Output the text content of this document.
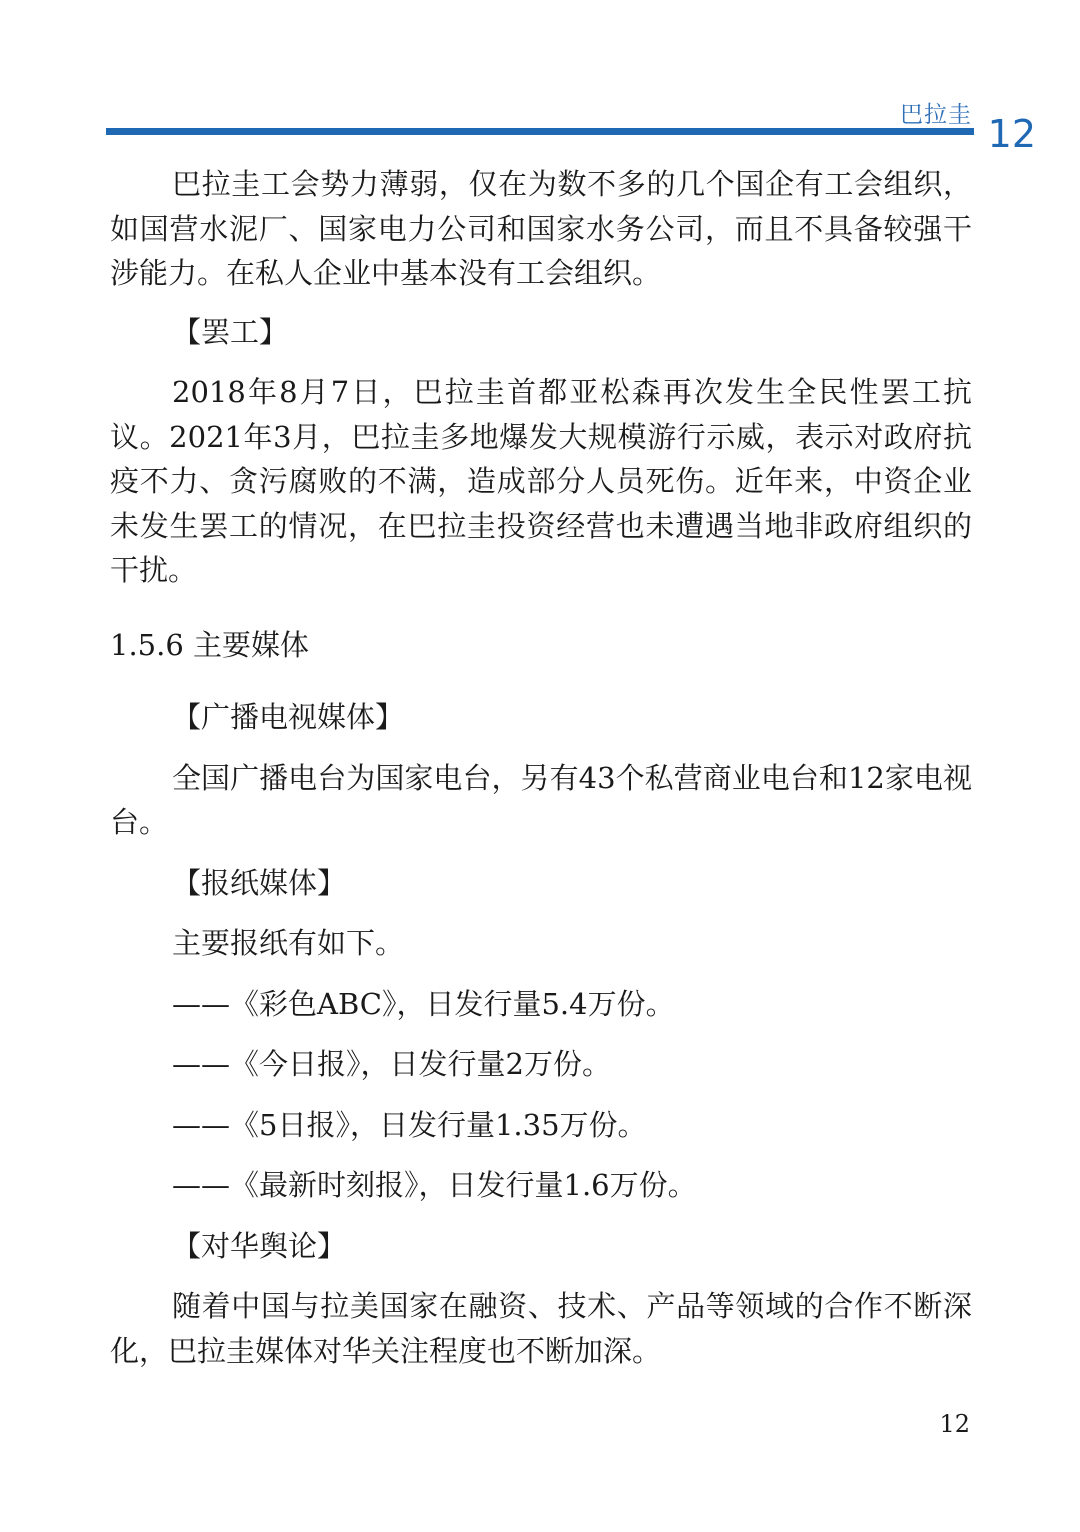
巴拉圭 12

巴拉圭工会势力薄弱，仅在为数不多的几个国企有工会组织，如国营水泥厂、国家电力公司和国家水务公司，而且不具备较强干涉能力。在私人企业中基本没有工会组织。

【罢工】

2018年8月7日，巴拉圭首都亚松森再次发生全民性罢工抗议。2021年3月，巴拉圭多地爆发大规模游行示威，表示对政府抗疫不力、贪污腐败的不满，造成部分人员死伤。近年来，中资企业未发生罢工的情况，在巴拉圭投资经营也未遭遇当地非政府组织的干扰。

1.5.6 主要媒体

【广播电视媒体】

全国广播电台为国家电台，另有43个私营商业电台和12家电视台。

【报纸媒体】

主要报纸有如下。

——《彩色ABC》，日发行量5.4万份。

——《今日报》，日发行量2万份。

——《5日报》，日发行量1.35万份。

——《最新时刻报》，日发行量1.6万份。

【对华舆论】

随着中国与拉美国家在融资、技术、产品等领域的合作不断深化，巴拉圭媒体对华关注程度也不断加深。

12
